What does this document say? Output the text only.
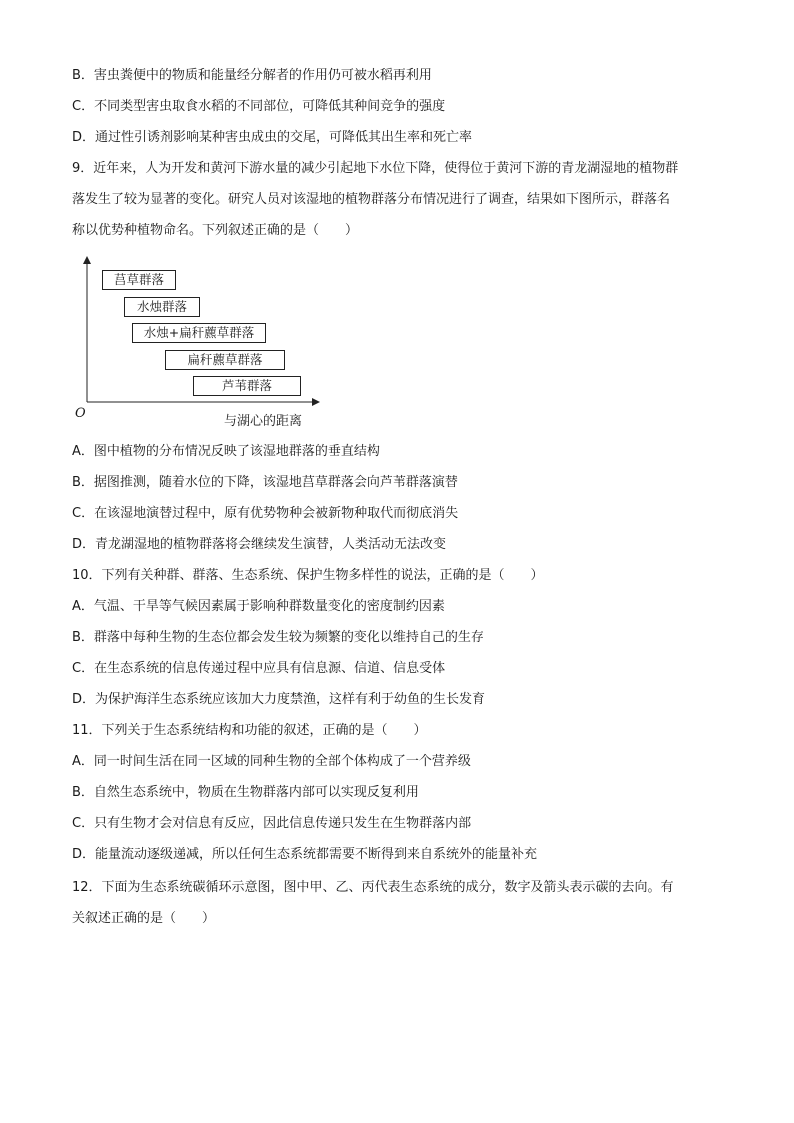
B．害虫粪便中的物质和能量经分解者的作用仍可被水稻再利用
C．不同类型害虫取食水稻的不同部位，可降低其种间竞争的强度
D．通过性引诱剂影响某种害虫成虫的交尾，可降低其出生率和死亡率
9．近年来，人为开发和黄河下游水量的减少引起地下水位下降，使得位于黄河下游的青龙湖湿地的植物群
落发生了较为显著的变化。研究人员对该湿地的植物群落分布情况进行了调查，结果如下图所示，群落名
称以优势种植物命名。下列叙述正确的是（　　）
莒草群落
水烛群落
水烛+扁秆藨草群落
扁秆藨草群落
芦苇群落
O
与湖心的距离
A．图中植物的分布情况反映了该湿地群落的垂直结构
B．据图推测，随着水位的下降，该湿地莒草群落会向芦苇群落演替
C．在该湿地演替过程中，原有优势物种会被新物种取代而彻底消失
D．青龙湖湿地的植物群落将会继续发生演替，人类活动无法改变
10．下列有关种群、群落、生态系统、保护生物多样性的说法，正确的是（　　）
A．气温、干旱等气候因素属于影响种群数量变化的密度制约因素
B．群落中每种生物的生态位都会发生较为频繁的变化以维持自己的生存
C．在生态系统的信息传递过程中应具有信息源、信道、信息受体
D．为保护海洋生态系统应该加大力度禁渔，这样有利于幼鱼的生长发育
11．下列关于生态系统结构和功能的叙述，正确的是（　　）
A．同一时间生活在同一区域的同种生物的全部个体构成了一个营养级
B．自然生态系统中，物质在生物群落内部可以实现反复利用
C．只有生物才会对信息有反应，因此信息传递只发生在生物群落内部
D．能量流动逐级递减，所以任何生态系统都需要不断得到来自系统外的能量补充
12．下面为生态系统碳循环示意图，图中甲、乙、丙代表生态系统的成分，数字及箭头表示碳的去向。有
关叙述正确的是（　　）
